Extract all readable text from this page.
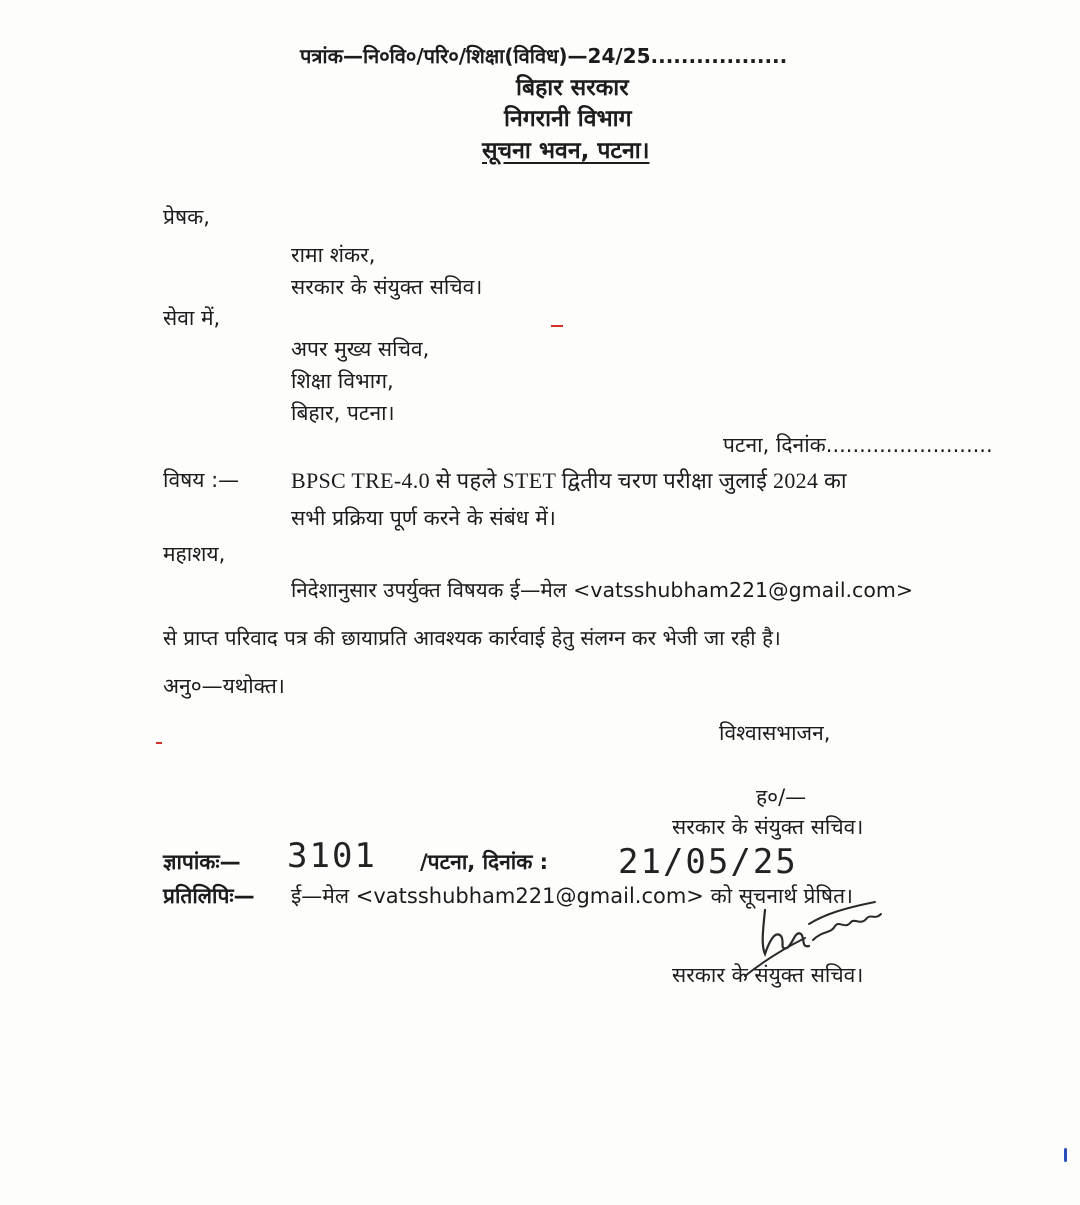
पत्रांक—नि०वि०/परि०/शिक्षा(विविध)—24/25..................
बिहार सरकार
निगरानी विभाग
सूचना भवन, पटना।
प्रेषक,
रामा शंकर,
सरकार के संयुक्त सचिव।
सेवा में,
अपर मुख्य सचिव,
शिक्षा विभाग,
बिहार, पटना।
पटना, दिनांक.........................
विषय :— BPSC TRE-4.0 से पहले STET द्वितीय चरण परीक्षा जुलाई 2024 का
सभी प्रक्रिया पूर्ण करने के संबंध में।
महाशय,
निदेशानुसार उपर्युक्त विषयक ई—मेल <vatsshubham221@gmail.com>
से प्राप्त परिवाद पत्र की छायाप्रति आवश्यक कार्रवाई हेतु संलग्न कर भेजी जा रही है।
अनु०—यथोक्त।
विश्वासभाजन,
ह०/—
सरकार के संयुक्त सचिव।
ज्ञापांकः— 3101 /पटना, दिनांक : 21/05/25
प्रतिलिपिः— ई—मेल <vatsshubham221@gmail.com> को सूचनार्थ प्रेषित।
सरकार के संयुक्त सचिव।
